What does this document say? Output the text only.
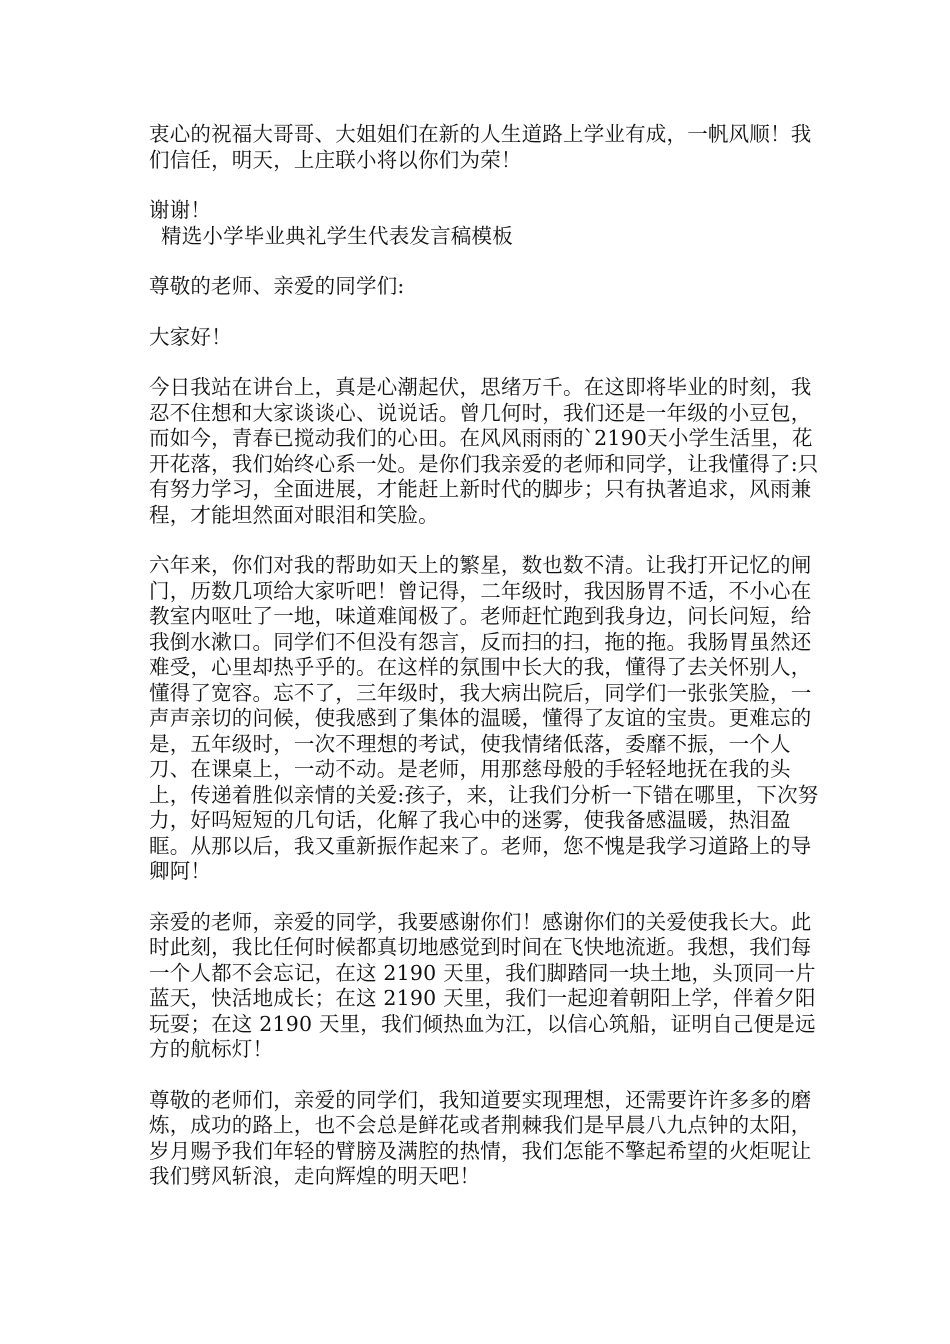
衷心的祝福大哥哥、大姐姐们在新的人生道路上学业有成，一帆风顺！我们信任，明天，上庄联小将以你们为荣！

谢谢！

精选小学毕业典礼学生代表发言稿模板

尊敬的老师、亲爱的同学们:

大家好！

今日我站在讲台上，真是心潮起伏，思绪万千。在这即将毕业的时刻，我忍不住想和大家谈谈心、说说话。曾几何时，我们还是一年级的小豆包，而如今，青春已搅动我们的心田。在风风雨雨的`2190天小学生活里，花开花落，我们始终心系一处。是你们我亲爱的老师和同学，让我懂得了:只有努力学习，全面进展，才能赶上新时代的脚步；只有执著追求，风雨兼程，才能坦然面对眼泪和笑脸。

六年来，你们对我的帮助如天上的繁星，数也数不清。让我打开记忆的闸门，历数几项给大家听吧！曾记得，二年级时，我因肠胃不适，不小心在教室内呕吐了一地，味道难闻极了。老师赶忙跑到我身边，问长问短，给我倒水漱口。同学们不但没有怨言，反而扫的扫，拖的拖。我肠胃虽然还难受，心里却热乎乎的。在这样的氛围中长大的我，懂得了去关怀别人，懂得了宽容。忘不了，三年级时，我大病出院后，同学们一张张笑脸，一声声亲切的问候，使我感到了集体的温暖，懂得了友谊的宝贵。更难忘的是，五年级时，一次不理想的考试，使我情绪低落，委靡不振，一个人刀、在课桌上，一动不动。是老师，用那慈母般的手轻轻地抚在我的头上，传递着胜似亲情的关爱:孩子，来，让我们分析一下错在哪里，下次努力，好吗短短的几句话，化解了我心中的迷雾，使我备感温暖，热泪盈眶。从那以后，我又重新振作起来了。老师，您不愧是我学习道路上的导卿阿！

亲爱的老师，亲爱的同学，我要感谢你们！感谢你们的关爱使我长大。此时此刻，我比任何时候都真切地感觉到时间在飞快地流逝。我想，我们每一个人都不会忘记，在这 2190 天里，我们脚踏同一块土地，头顶同一片蓝天，快活地成长；在这 2190 天里，我们一起迎着朝阳上学，伴着夕阳玩耍；在这 2190 天里，我们倾热血为江，以信心筑船，证明自己便是远方的航标灯！

尊敬的老师们，亲爱的同学们，我知道要实现理想，还需要许许多多的磨炼，成功的路上，也不会总是鲜花或者荆棘我们是早晨八九点钟的太阳，岁月赐予我们年轻的臂膀及满腔的热情，我们怎能不擎起希望的火炬呢让我们劈风斩浪，走向辉煌的明天吧！
